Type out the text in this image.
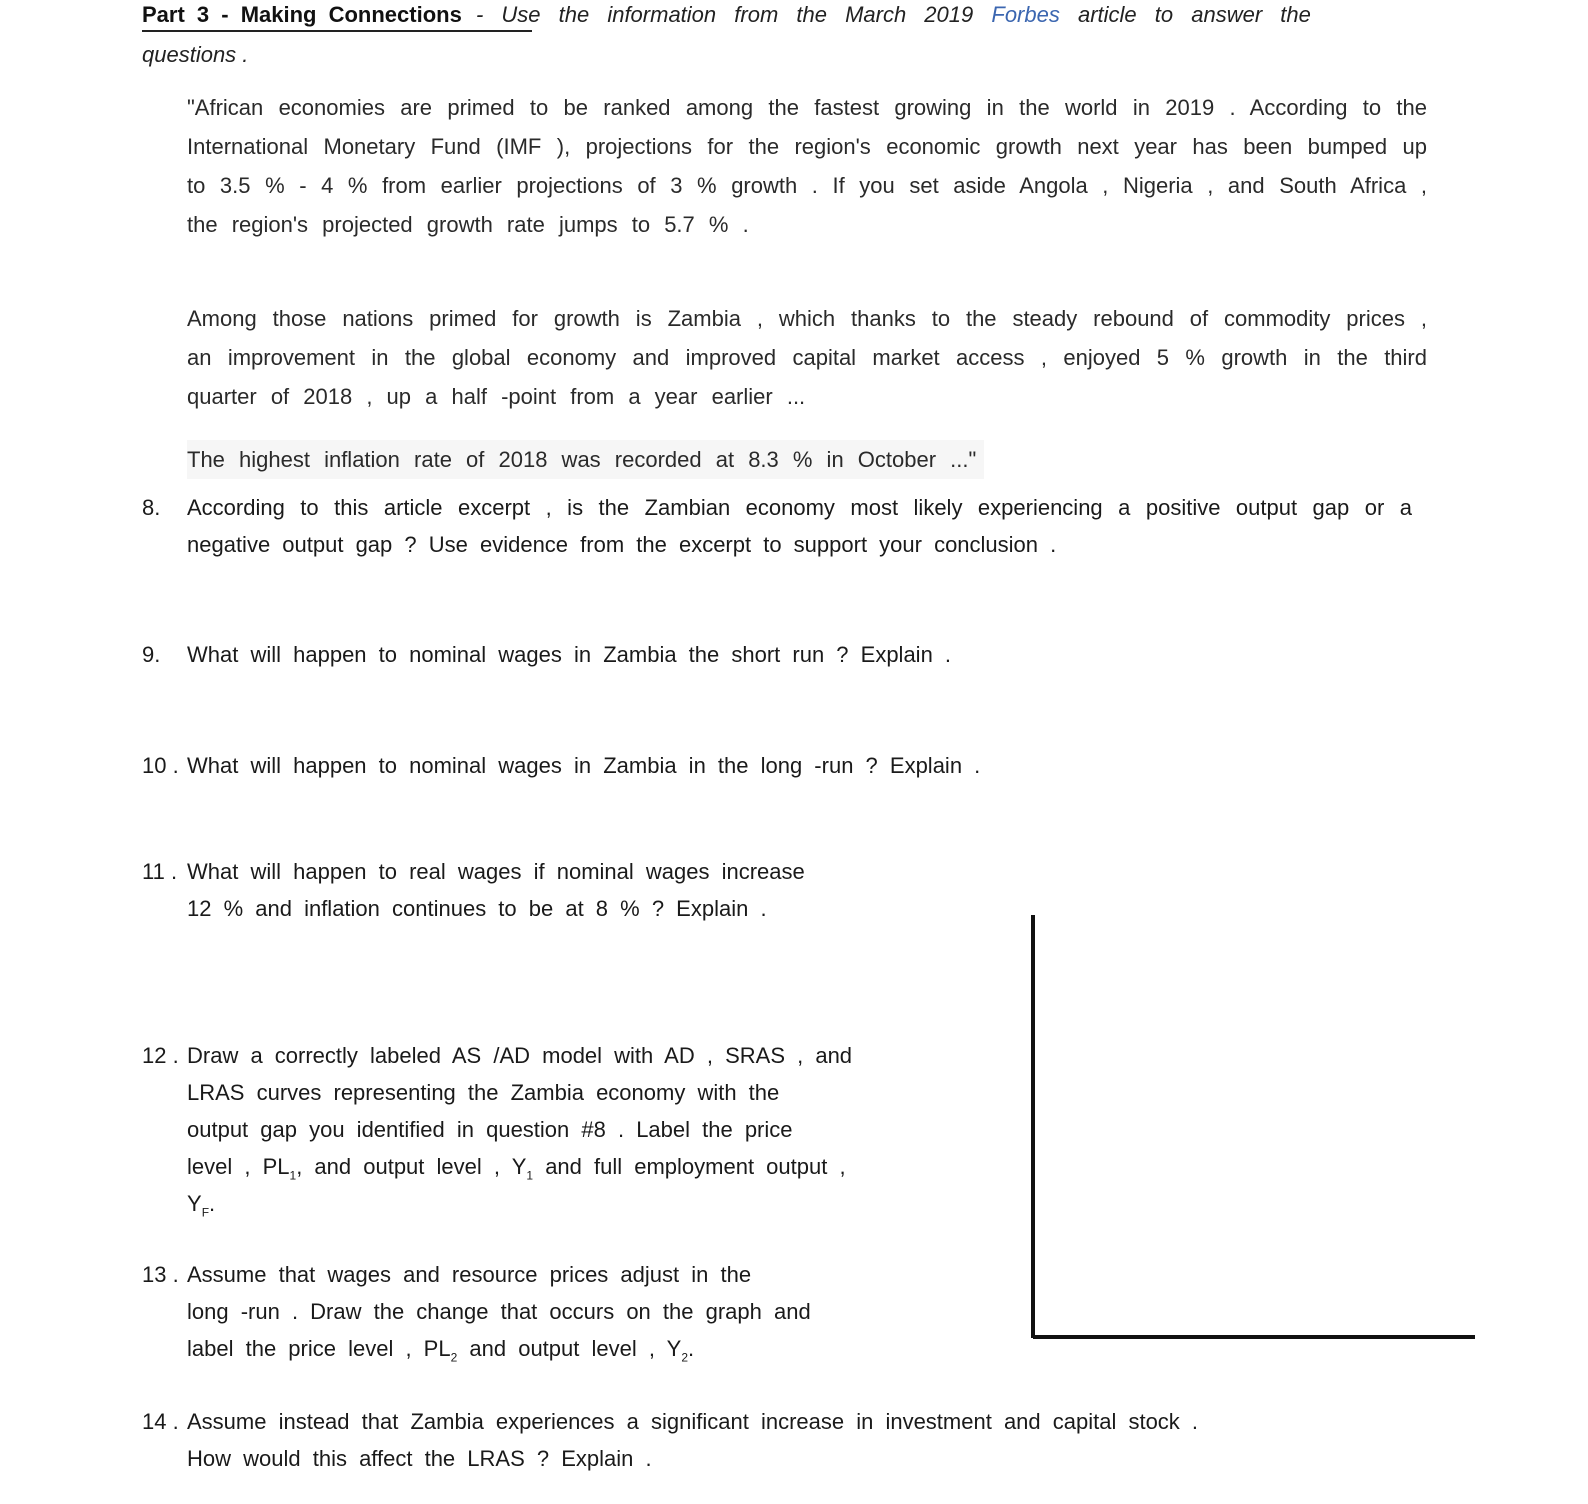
Part 3 - Making Connections - Use the information from the March 2019 Forbes article to answer the
questions .
"African economies are primed to be ranked among the fastest growing in the world in 2019 . According to the International Monetary Fund (IMF ), projections for the region's economic growth next year has been bumped up to 3.5 % - 4 % from earlier projections of 3 % growth . If you set aside Angola , Nigeria , and South Africa , the region's projected growth rate jumps to 5.7 % .
Among those nations primed for growth is Zambia , which thanks to the steady rebound of commodity prices , an improvement in the global economy and improved capital market access , enjoyed 5 % growth in the third quarter of 2018 , up a half -point from a year earlier ...
The highest inflation rate of 2018 was recorded at 8.3 % in October ..."
8. According to this article excerpt , is the Zambian economy most likely experiencing a positive output gap or a negative output gap ? Use evidence from the excerpt to support your conclusion .
9. What will happen to nominal wages in Zambia the short run ? Explain .
10 . What will happen to nominal wages in Zambia in the long -run ? Explain .
11 . What will happen to real wages if nominal wages increase
12 % and inflation continues to be at 8 % ? Explain .
12 . Draw a correctly labeled AS /AD model with AD , SRAS , and
LRAS curves representing the Zambia economy with the
output gap you identified in question #8 . Label the price
level , $PL_1$, and output level , $Y_1$ and full employment output ,
$Y_F$.
13 . Assume that wages and resource prices adjust in the
long -run . Draw the change that occurs on the graph and
label the price level , $PL_2$ and output level , $Y_2$.
14 . Assume instead that Zambia experiences a significant increase in investment and capital stock .
How would this affect the LRAS ? Explain .
